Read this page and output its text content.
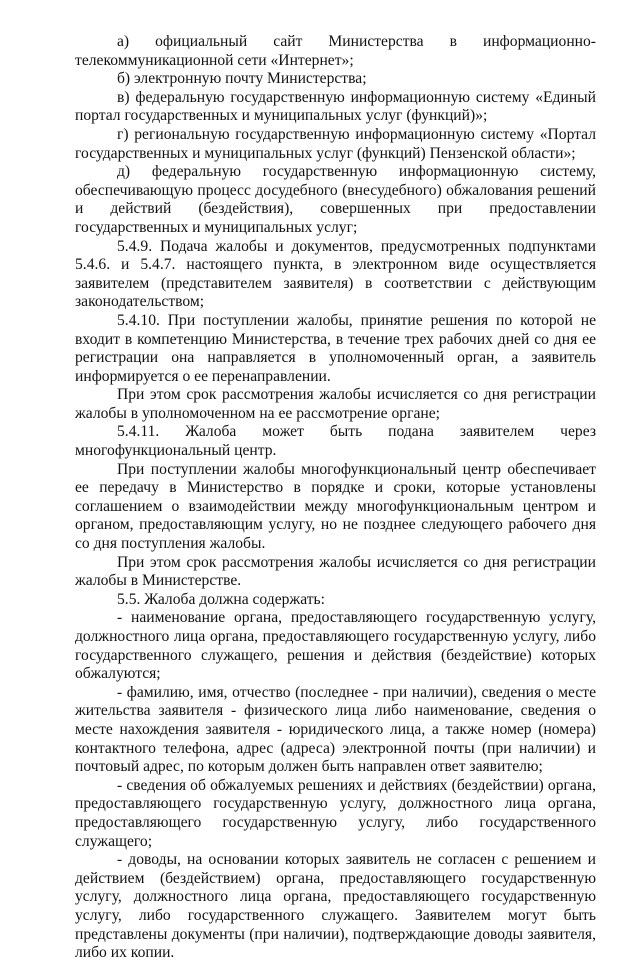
а) официальный сайт Министерства в информационно-телекоммуникационной сети «Интернет»;

б) электронную почту Министерства;

в) федеральную государственную информационную систему «Единый портал государственных и муниципальных услуг (функций)»;

г) региональную государственную информационную систему «Портал государственных и муниципальных услуг (функций) Пензенской области»;

д) федеральную государственную информационную систему, обеспечивающую процесс досудебного (внесудебного) обжалования решений и действий (бездействия), совершенных при предоставлении государственных и муниципальных услуг;

5.4.9. Подача жалобы и документов, предусмотренных подпунктами 5.4.6. и 5.4.7. настоящего пункта, в электронном виде осуществляется заявителем (представителем заявителя) в соответствии с действующим законодательством;

5.4.10. При поступлении жалобы, принятие решения по которой не входит в компетенцию Министерства, в течение трех рабочих дней со дня ее регистрации она направляется в уполномоченный орган, а заявитель информируется о ее перенаправлении.

При этом срок рассмотрения жалобы исчисляется со дня регистрации жалобы в уполномоченном на ее рассмотрение органе;

5.4.11. Жалоба может быть подана заявителем через многофункциональный центр.

При поступлении жалобы многофункциональный центр обеспечивает ее передачу в Министерство в порядке и сроки, которые установлены соглашением о взаимодействии между многофункциональным центром и органом, предоставляющим услугу, но не позднее следующего рабочего дня со дня поступления жалобы.

При этом срок рассмотрения жалобы исчисляется со дня регистрации жалобы в Министерстве.

5.5. Жалоба должна содержать:

- наименование органа, предоставляющего государственную услугу, должностного лица органа, предоставляющего государственную услугу, либо государственного служащего, решения и действия (бездействие) которых обжалуются;

- фамилию, имя, отчество (последнее - при наличии), сведения о месте жительства заявителя - физического лица либо наименование, сведения о месте нахождения заявителя - юридического лица, а также номер (номера) контактного телефона, адрес (адреса) электронной почты (при наличии) и почтовый адрес, по которым должен быть направлен ответ заявителю;

- сведения об обжалуемых решениях и действиях (бездействии) органа, предоставляющего государственную услугу, должностного лица органа, предоставляющего государственную услугу, либо государственного служащего;

- доводы, на основании которых заявитель не согласен с решением и действием (бездействием) органа, предоставляющего государственную услугу, должностного лица органа, предоставляющего государственную услугу, либо государственного служащего. Заявителем могут быть представлены документы (при наличии), подтверждающие доводы заявителя, либо их копии.
